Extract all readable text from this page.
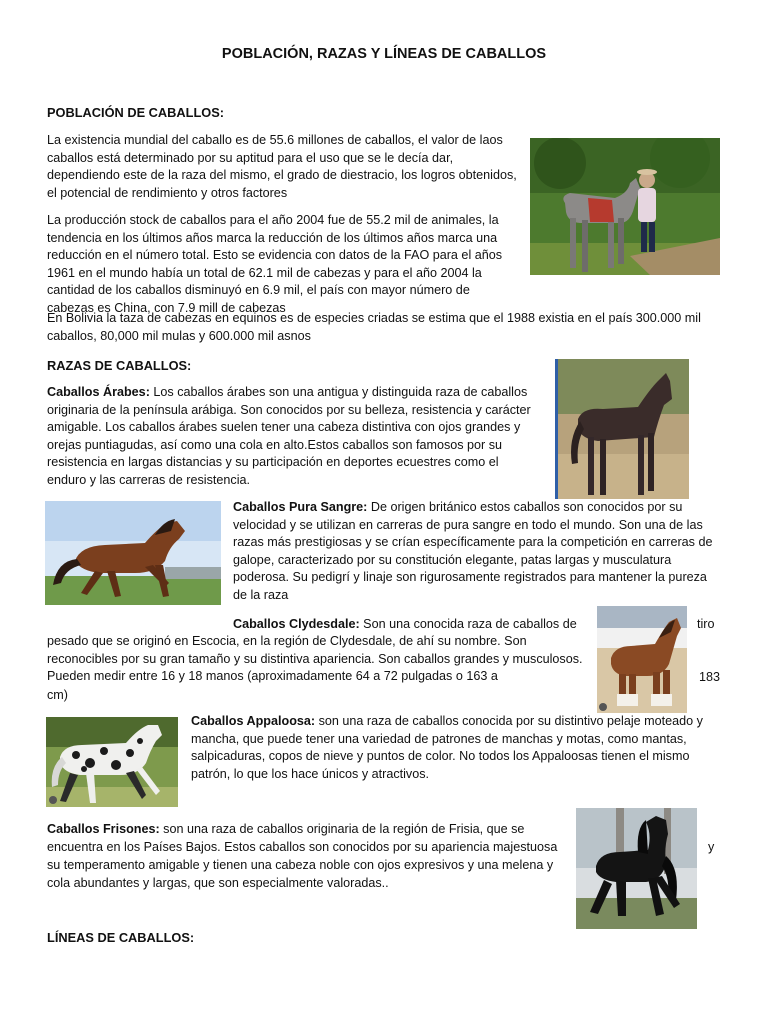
POBLACIÓN, RAZAS Y LÍNEAS DE CABALLOS
POBLACIÓN DE CABALLOS:

La existencia mundial del caballo es de 55.6 millones de caballos, el valor de laos caballos está determinado por su aptitud para el uso que se le decía dar, dependiendo este de la raza del mismo, el grado de diestracio, los logros obtenidos, el potencial de rendimiento y otros factores

La producción stock de caballos para el año 2004 fue de 55.2 mil de animales, la tendencia en los últimos años marca la reducción de los últimos años marca una reducción en el número total. Esto se evidencia con datos de la FAO para el años 1961 en el mundo había un total de 62.1 mil de cabezas y para el año 2004 la cantidad de los caballos disminuyó en 6.9 mil, el país con mayor número de cabezas es China, con 7.9 mill de cabezas

En Bolivia la taza de cabezas en equinos es de especies criadas se estima que el 1988 existia en el país 300.000 mil caballos, 80,000 mil mulas y 600.000 mil asnos

RAZAS DE CABALLOS:

Caballos Árabes: Los caballos árabes son una antigua y distinguida raza de caballos originaria de la península arábiga. Son conocidos por su belleza, resistencia y carácter amigable. Los caballos árabes suelen tener una cabeza distintiva con ojos grandes y orejas puntiagudas, así como una cola en alto.Estos caballos son famosos por su resistencia en largas distancias y su participación en deportes ecuestres como el enduro y las carreras de resistencia.

Caballos Pura Sangre: De origen británico estos caballos son conocidos por su velocidad y se utilizan en carreras de pura sangre en todo el mundo. Son una de las razas más prestigiosas y se crían específicamente para la competición en carreras de galope, caracterizado por su constitución elegante, patas largas y musculatura poderosa. Su pedigrí y linaje son rigurosamente registrados para mantener la pureza de la raza

Caballos Clydesdale: Son una conocida raza de caballos de	tiro

pesado que se originó en Escocia, en la región de Clydesdale, de ahí su nombre. Son reconocibles por su gran tamaño y su distintiva apariencia. Son caballos grandes y musculosos. Pueden medir entre 16 y 18 manos (aproximadamente 64 a 72 pulgadas o 163 a	183
cm)

Caballos Appaloosa: son una raza de caballos conocida por su distintivo pelaje moteado y mancha, que puede tener una variedad de patrones de manchas y motas, como mantas, salpicaduras, copos de nieve y puntos de color. No todos los Appaloosas tienen el mismo patrón, lo que los hace únicos y atractivos.

Caballos Frisones: son una raza de caballos originaria de la región de Frisia, que se encuentra en los Países Bajos. Estos caballos son conocidos por su apariencia majestuosa	y

su temperamento amigable y tienen una cabeza noble con ojos expresivos y una melena y cola abundantes y largas, que son especialmente valoradas..

LÍNEAS DE CABALLOS:
